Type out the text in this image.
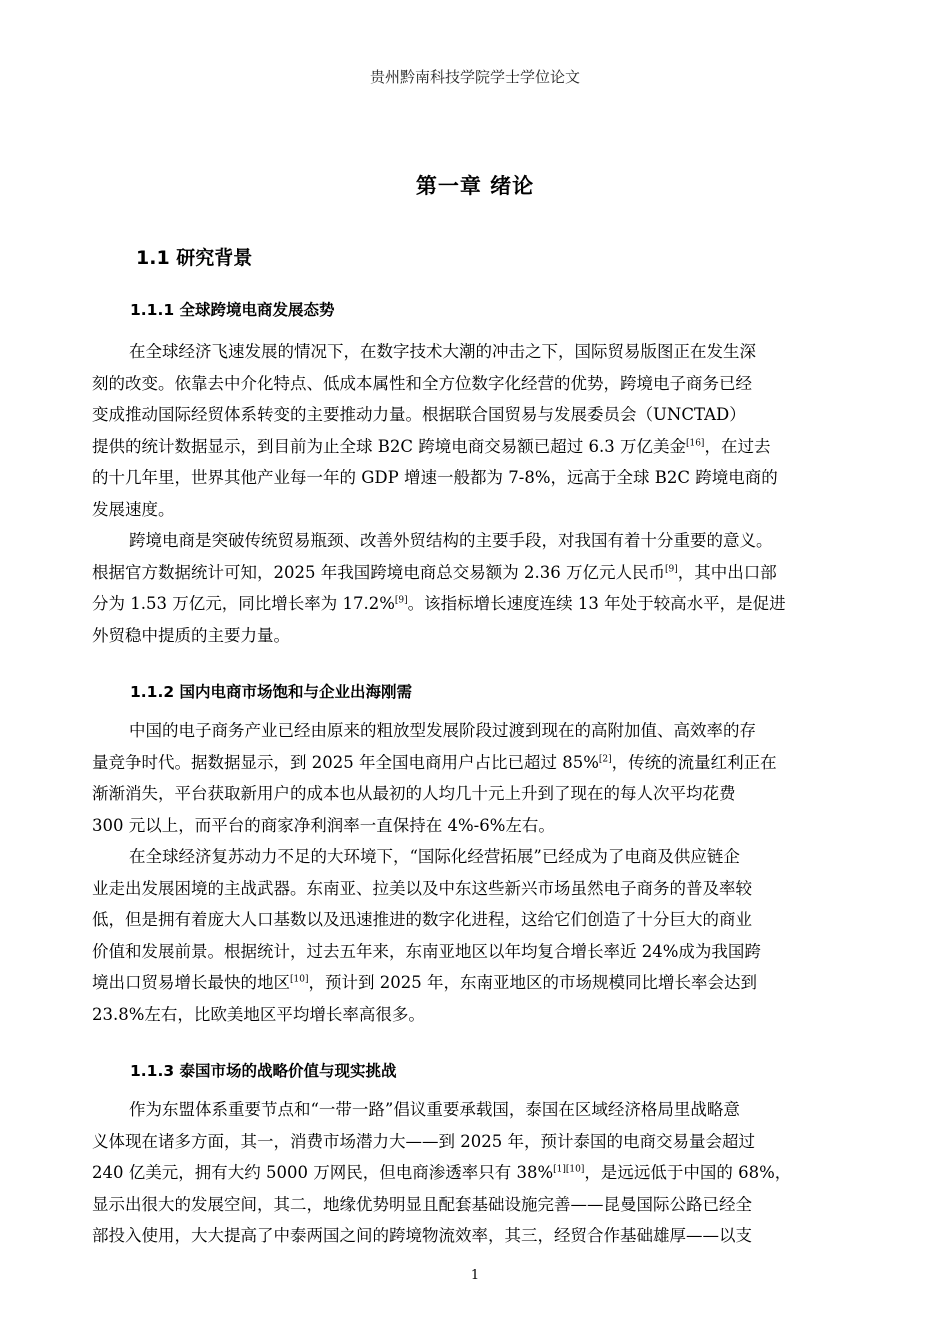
贵州黔南科技学院学士学位论文
第一章 绪论
1.1 研究背景
1.1.1 全球跨境电商发展态势
在全球经济飞速发展的情况下，在数字技术大潮的冲击之下，国际贸易版图正在发生深
刻的改变。依靠去中介化特点、低成本属性和全方位数字化经营的优势，跨境电子商务已经
变成推动国际经贸体系转变的主要推动力量。根据联合国贸易与发展委员会（UNCTAD）
提供的统计数据显示，到目前为止全球 B2C 跨境电商交易额已超过 6.3 万亿美金[16]，在过去
的十几年里，世界其他产业每一年的 GDP 增速一般都为 7-8%，远高于全球 B2C 跨境电商的
发展速度。
跨境电商是突破传统贸易瓶颈、改善外贸结构的主要手段，对我国有着十分重要的意义。
根据官方数据统计可知，2025 年我国跨境电商总交易额为 2.36 万亿元人民币[9]，其中出口部
分为 1.53 万亿元，同比增长率为 17.2%[9]。该指标增长速度连续 13 年处于较高水平，是促进
外贸稳中提质的主要力量。
1.1.2 国内电商市场饱和与企业出海刚需
中国的电子商务产业已经由原来的粗放型发展阶段过渡到现在的高附加值、高效率的存
量竞争时代。据数据显示，到 2025 年全国电商用户占比已超过 85%[2]，传统的流量红利正在
渐渐消失，平台获取新用户的成本也从最初的人均几十元上升到了现在的每人次平均花费
300 元以上，而平台的商家净利润率一直保持在 4%-6%左右。
在全球经济复苏动力不足的大环境下，“国际化经营拓展”已经成为了电商及供应链企
业走出发展困境的主战武器。东南亚、拉美以及中东这些新兴市场虽然电子商务的普及率较
低，但是拥有着庞大人口基数以及迅速推进的数字化进程，这给它们创造了十分巨大的商业
价值和发展前景。根据统计，过去五年来，东南亚地区以年均复合增长率近 24%成为我国跨
境出口贸易增长最快的地区[10]，预计到 2025 年，东南亚地区的市场规模同比增长率会达到
23.8%左右，比欧美地区平均增长率高很多。
1.1.3 泰国市场的战略价值与现实挑战
作为东盟体系重要节点和“一带一路”倡议重要承载国，泰国在区域经济格局里战略意
义体现在诸多方面，其一，消费市场潜力大——到 2025 年，预计泰国的电商交易量会超过
240 亿美元，拥有大约 5000 万网民，但电商渗透率只有 38%[1][10]，是远远低于中国的 68%，
显示出很大的发展空间，其二，地缘优势明显且配套基础设施完善——昆曼国际公路已经全
部投入使用，大大提高了中泰两国之间的跨境物流效率，其三，经贸合作基础雄厚——以支
1
